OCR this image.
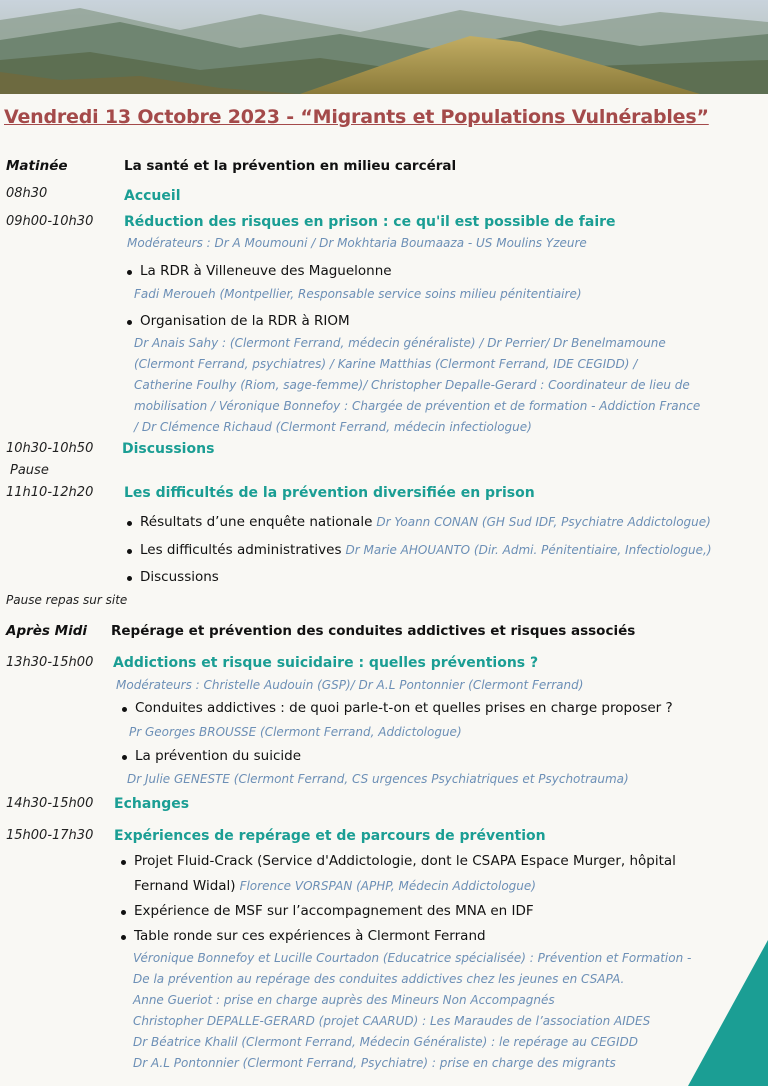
Vendredi 13 Octobre 2023 - “Migrants et Populations Vulnérables”
Matinée	La santé et la prévention en milieu carcéral
08h30	Accueil
09h00-10h30 Réduction des risques en prison : ce qu'il est possible de faire
Modérateurs : Dr A Moumouni / Dr Mokhtaria Boumaaza - US Moulins Yzeure
La RDR à Villeneuve des Maguelonne
Fadi Meroueh (Montpellier, Responsable service soins milieu pénitentiaire)
Organisation de la RDR à RIOM
Dr Anais Sahy : (Clermont Ferrand, médecin généraliste) / Dr Perrier/ Dr Benelmamoune
(Clermont Ferrand, psychiatres) / Karine Matthias (Clermont Ferrand, IDE CEGIDD) /
Catherine Foulhy (Riom, sage-femme)/ Christopher Depalle-Gerard : Coordinateur de lieu de
mobilisation / Véronique Bonnefoy : Chargée de prévention et de formation - Addiction France
/ Dr Clémence Richaud (Clermont Ferrand, médecin infectiologue)
10h30-10h50 Discussions
Pause
11h10-12h20 Les difficultés de la prévention diversifiée en prison
Résultats d’une enquête nationale Dr Yoann CONAN (GH Sud IDF, Psychiatre Addictologue)
Les difficultés administratives Dr Marie AHOUANTO (Dir. Admi. Pénitentiaire, Infectiologue,)
Discussions
Pause repas sur site
Après Midi Repérage et prévention des conduites addictives et risques associés
13h30-15h00 Addictions et risque suicidaire : quelles préventions ?
Modérateurs : Christelle Audouin (GSP)/ Dr A.L Pontonnier (Clermont Ferrand)
Conduites addictives : de quoi parle-t-on et quelles prises en charge proposer ?
Pr Georges BROUSSE (Clermont Ferrand, Addictologue)
La prévention du suicide
Dr Julie GENESTE (Clermont Ferrand, CS urgences Psychiatriques et Psychotrauma)
14h30-15h00 Echanges
15h00-17h30 Expériences de repérage et de parcours de prévention
Projet Fluid-Crack (Service d'Addictologie, dont le CSAPA Espace Murger, hôpital
Fernand Widal) Florence VORSPAN (APHP, Médecin Addictologue)
Expérience de MSF sur l’accompagnement des MNA en IDF
Table ronde sur ces expériences à Clermont Ferrand
Véronique Bonnefoy et Lucille Courtadon (Educatrice spécialisée) : Prévention et Formation -
De la prévention au repérage des conduites addictives chez les jeunes en CSAPA.
Anne Gueriot : prise en charge auprès des Mineurs Non Accompagnés
Christopher DEPALLE-GERARD (projet CAARUD) : Les Maraudes de l’association AIDES
Dr Béatrice Khalil (Clermont Ferrand, Médecin Généraliste) : le repérage au CEGIDD
Dr A.L Pontonnier (Clermont Ferrand, Psychiatre) : prise en charge des migrants
